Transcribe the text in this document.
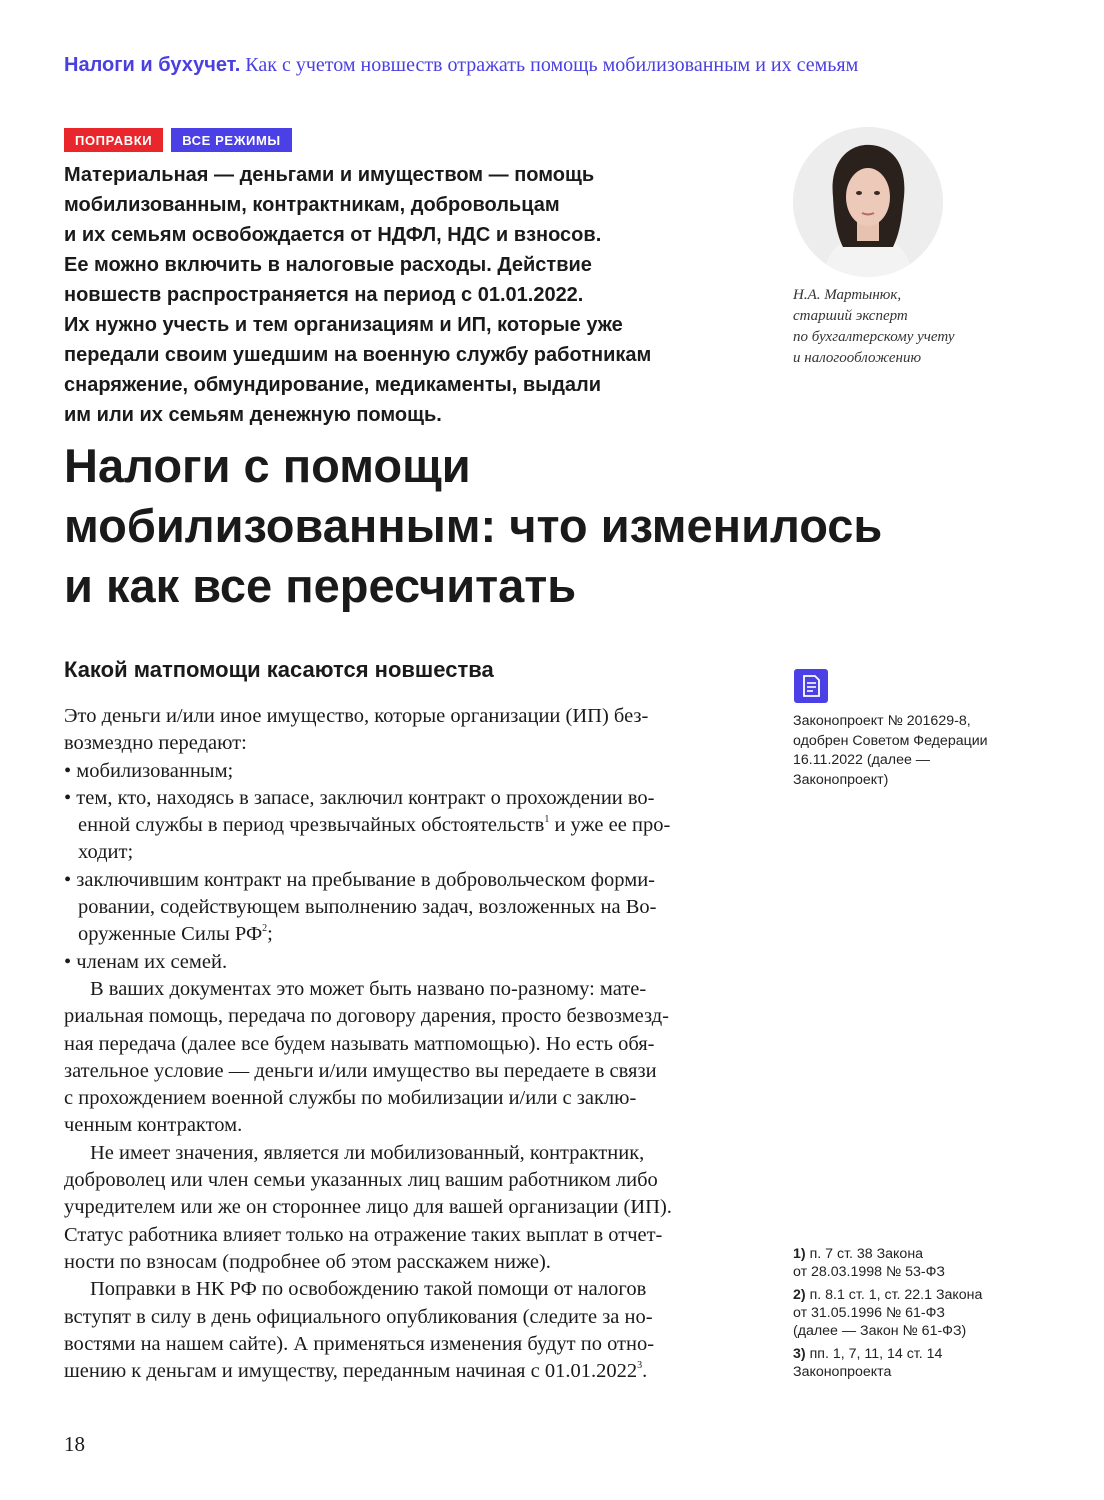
Налоги и бухучет. Как с учетом новшеств отражать помощь мобилизованным и их семьям
ПОПРАВКИ	ВСЕ РЕЖИМЫ
Материальная — деньгами и имуществом — помощь
мобилизованным, контрактникам, добровольцам
и их семьям освобождается от НДФЛ, НДС и взносов.
Ее можно включить в налоговые расходы. Действие
новшеств распространяется на период с 01.01.2022.
Их нужно учесть и тем организациям и ИП, которые уже
передали своим ушедшим на военную службу работникам
снаряжение, обмундирование, медикаменты, выдали
им или их семьям денежную помощь.
Н.А. Мартынюк,
старший эксперт
по бухгалтерскому учету
и налогообложению
Налоги с помощи
мобилизованным: что изменилось
и как все пересчитать
Какой матпомощи касаются новшества
Это деньги и/или иное имущество, которые организации (ИП) без-
возмездно передают:
• мобилизованным;
• тем, кто, находясь в запасе, заключил контракт о прохождении во-
енной службы в период чрезвычайных обстоятельств$^1$ и уже ее про-
ходит;
• заключившим контракт на пребывание в добровольческом форми-
ровании, содействующем выполнению задач, возложенных на Во-
оруженные Силы $РФ^2$;
• членам их семей.
В ваших документах это может быть названо по-разному: мате-
риальная помощь, передача по договору дарения, просто безвозмезд-
ная передача (далее все будем называть матпомощью). Но есть обя-
зательное условие — деньги и/или имущество вы передаете в связи
с прохождением военной службы по мобилизации и/или с заклю-
ченным контрактом.
Не имеет значения, является ли мобилизованный, контрактник,
доброволец или член семьи указанных лиц вашим работником либо
учредителем или же он стороннее лицо для вашей организации (ИП).
Статус работника влияет только на отражение таких выплат в отчет-
ности по взносам (подробнее об этом расскажем ниже).
Поправки в НК РФ по освобождению такой помощи от налогов
вступят в силу в день официального опубликования (следите за но-
востями на нашем сайте). А применяться изменения будут по отно-
шению к деньгам и имуществу, переданным начиная с 01.01.2022$^3$.
Законопроект № 201629-8,
одобрен Советом Федерации
16.11.2022 (далее —
Законопроект)
1) п. 7 ст. 38 Закона
от 28.03.1998 № 53-ФЗ
2) п. 8.1 ст. 1, ст. 22.1 Закона
от 31.05.1996 № 61-ФЗ
(далее — Закон № 61-ФЗ)
3) пп. 1, 7, 11, 14 ст. 14
Законопроекта
18
